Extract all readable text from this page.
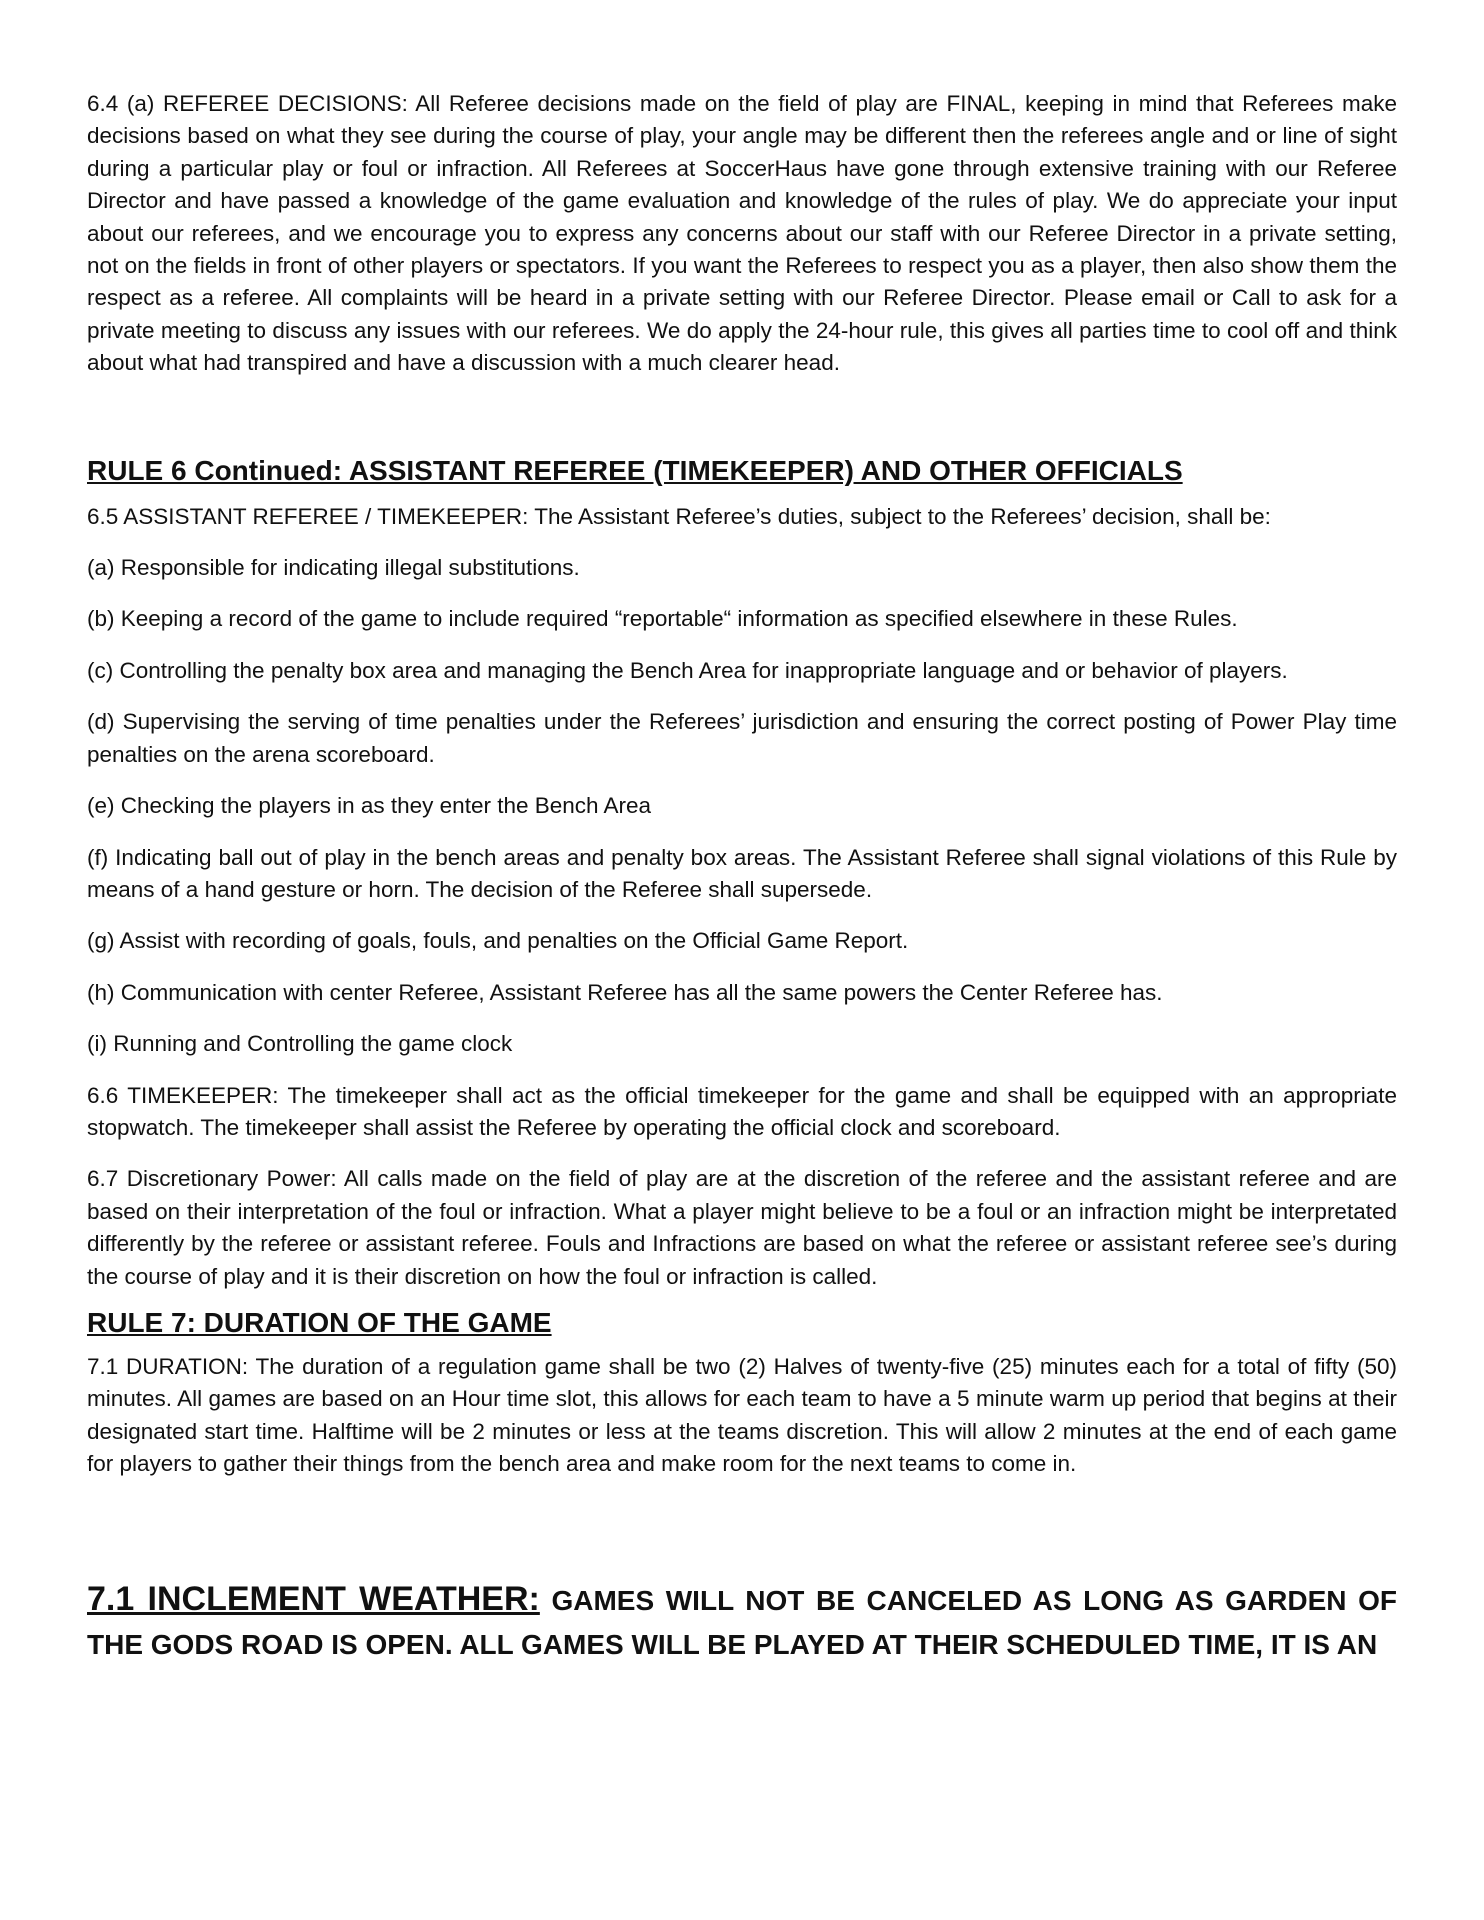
6.4 (a) REFEREE DECISIONS: All Referee decisions made on the field of play are FINAL, keeping in mind that Referees make decisions based on what they see during the course of play, your angle may be different then the referees angle and or line of sight during a particular play or foul or infraction. All Referees at SoccerHaus have gone through extensive training with our Referee Director and have passed a knowledge of the game evaluation and knowledge of the rules of play. We do appreciate your input about our referees, and we encourage you to express any concerns about our staff with our Referee Director in a private setting, not on the fields in front of other players or spectators. If you want the Referees to respect you as a player, then also show them the respect as a referee. All complaints will be heard in a private setting with our Referee Director. Please email or Call to ask for a private meeting to discuss any issues with our referees. We do apply the 24-hour rule, this gives all parties time to cool off and think about what had transpired and have a discussion with a much clearer head.

RULE 6 Continued: ASSISTANT REFEREE (TIMEKEEPER) AND OTHER OFFICIALS

6.5 ASSISTANT REFEREE / TIMEKEEPER: The Assistant Referee’s duties, subject to the Referees’ decision, shall be:

(a) Responsible for indicating illegal substitutions.

(b) Keeping a record of the game to include required “reportable“ information as specified elsewhere in these Rules.

(c) Controlling the penalty box area and managing the Bench Area for inappropriate language and or behavior of players.

(d) Supervising the serving of time penalties under the Referees’ jurisdiction and ensuring the correct posting of Power Play time penalties on the arena scoreboard.

(e) Checking the players in as they enter the Bench Area

(f) Indicating ball out of play in the bench areas and penalty box areas. The Assistant Referee shall signal violations of this Rule by means of a hand gesture or horn. The decision of the Referee shall supersede.

(g) Assist with recording of goals, fouls, and penalties on the Official Game Report.

(h) Communication with center Referee, Assistant Referee has all the same powers the Center Referee has.

(i) Running and Controlling the game clock

6.6 TIMEKEEPER: The timekeeper shall act as the official timekeeper for the game and shall be equipped with an appropriate stopwatch. The timekeeper shall assist the Referee by operating the official clock and scoreboard.

6.7 Discretionary Power: All calls made on the field of play are at the discretion of the referee and the assistant referee and are based on their interpretation of the foul or infraction. What a player might believe to be a foul or an infraction might be interpretated differently by the referee or assistant referee. Fouls and Infractions are based on what the referee or assistant referee see’s during the course of play and it is their discretion on how the foul or infraction is called.

RULE 7: DURATION OF THE GAME

7.1 DURATION: The duration of a regulation game shall be two (2) Halves of twenty-five (25) minutes each for a total of fifty (50) minutes. All games are based on an Hour time slot, this allows for each team to have a 5 minute warm up period that begins at their designated start time. Halftime will be 2 minutes or less at the teams discretion. This will allow 2 minutes at the end of each game for players to gather their things from the bench area and make room for the next teams to come in.

7.1 INCLEMENT WEATHER: GAMES WILL NOT BE CANCELED AS LONG AS GARDEN OF THE GODS ROAD IS OPEN. ALL GAMES WILL BE PLAYED AT THEIR SCHEDULED TIME, IT IS AN
